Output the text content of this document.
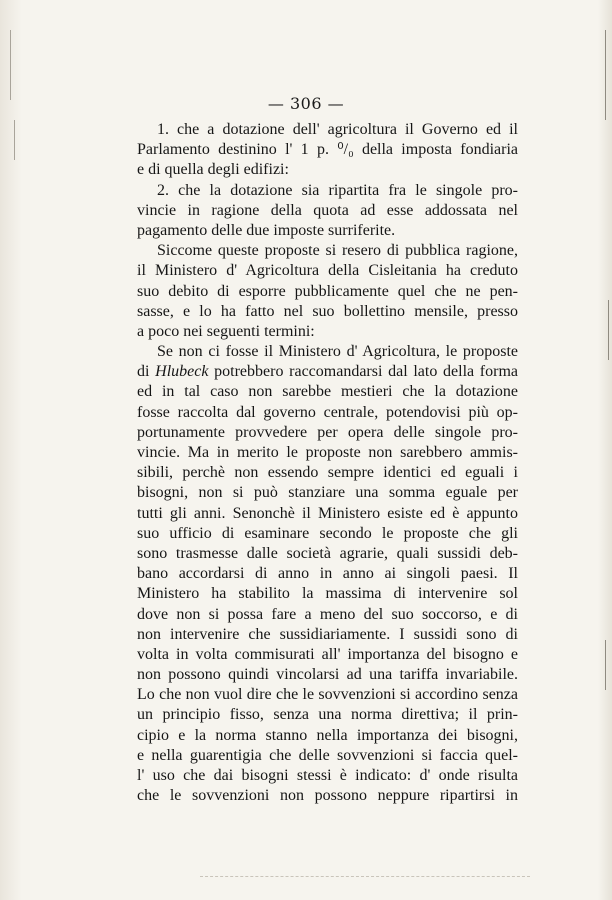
— 306 —
1. che a dotazione dell' agricoltura il Governo ed il
Parlamento destinino l' 1 p. ⁰/₀ della imposta fondiaria
e di quella degli edifizi:
2. che la dotazione sia ripartita fra le singole pro-
vincie in ragione della quota ad esse addossata nel
pagamento delle due imposte surriferite.
Siccome queste proposte si resero di pubblica ragione,
il Ministero d' Agricoltura della Cisleitania ha creduto
suo debito di esporre pubblicamente quel che ne pen-
sasse, e lo ha fatto nel suo bollettino mensile, presso
a poco nei seguenti termini:
Se non ci fosse il Ministero d' Agricoltura, le proposte
di Hlubeck potrebbero raccomandarsi dal lato della forma
ed in tal caso non sarebbe mestieri che la dotazione
fosse raccolta dal governo centrale, potendovisi più op-
portunamente provvedere per opera delle singole pro-
vincie. Ma in merito le proposte non sarebbero ammis-
sibili, perchè non essendo sempre identici ed eguali i
bisogni, non si può stanziare una somma eguale per
tutti gli anni. Senonchè il Ministero esiste ed è appunto
suo ufficio di esaminare secondo le proposte che gli
sono trasmesse dalle società agrarie, quali sussidi deb-
bano accordarsi di anno in anno ai singoli paesi. Il
Ministero ha stabilito la massima di intervenire sol
dove non si possa fare a meno del suo soccorso, e di
non intervenire che sussidiariamente. I sussidi sono di
volta in volta commisurati all' importanza del bisogno e
non possono quindi vincolarsi ad una tariffa invariabile.
Lo che non vuol dire che le sovvenzioni si accordino senza
un principio fisso, senza una norma direttiva; il prin-
cipio e la norma stanno nella importanza dei bisogni,
e nella guarentigia che delle sovvenzioni si faccia quel-
l' uso che dai bisogni stessi è indicato: d' onde risulta
che le sovvenzioni non possono neppure ripartirsi in
